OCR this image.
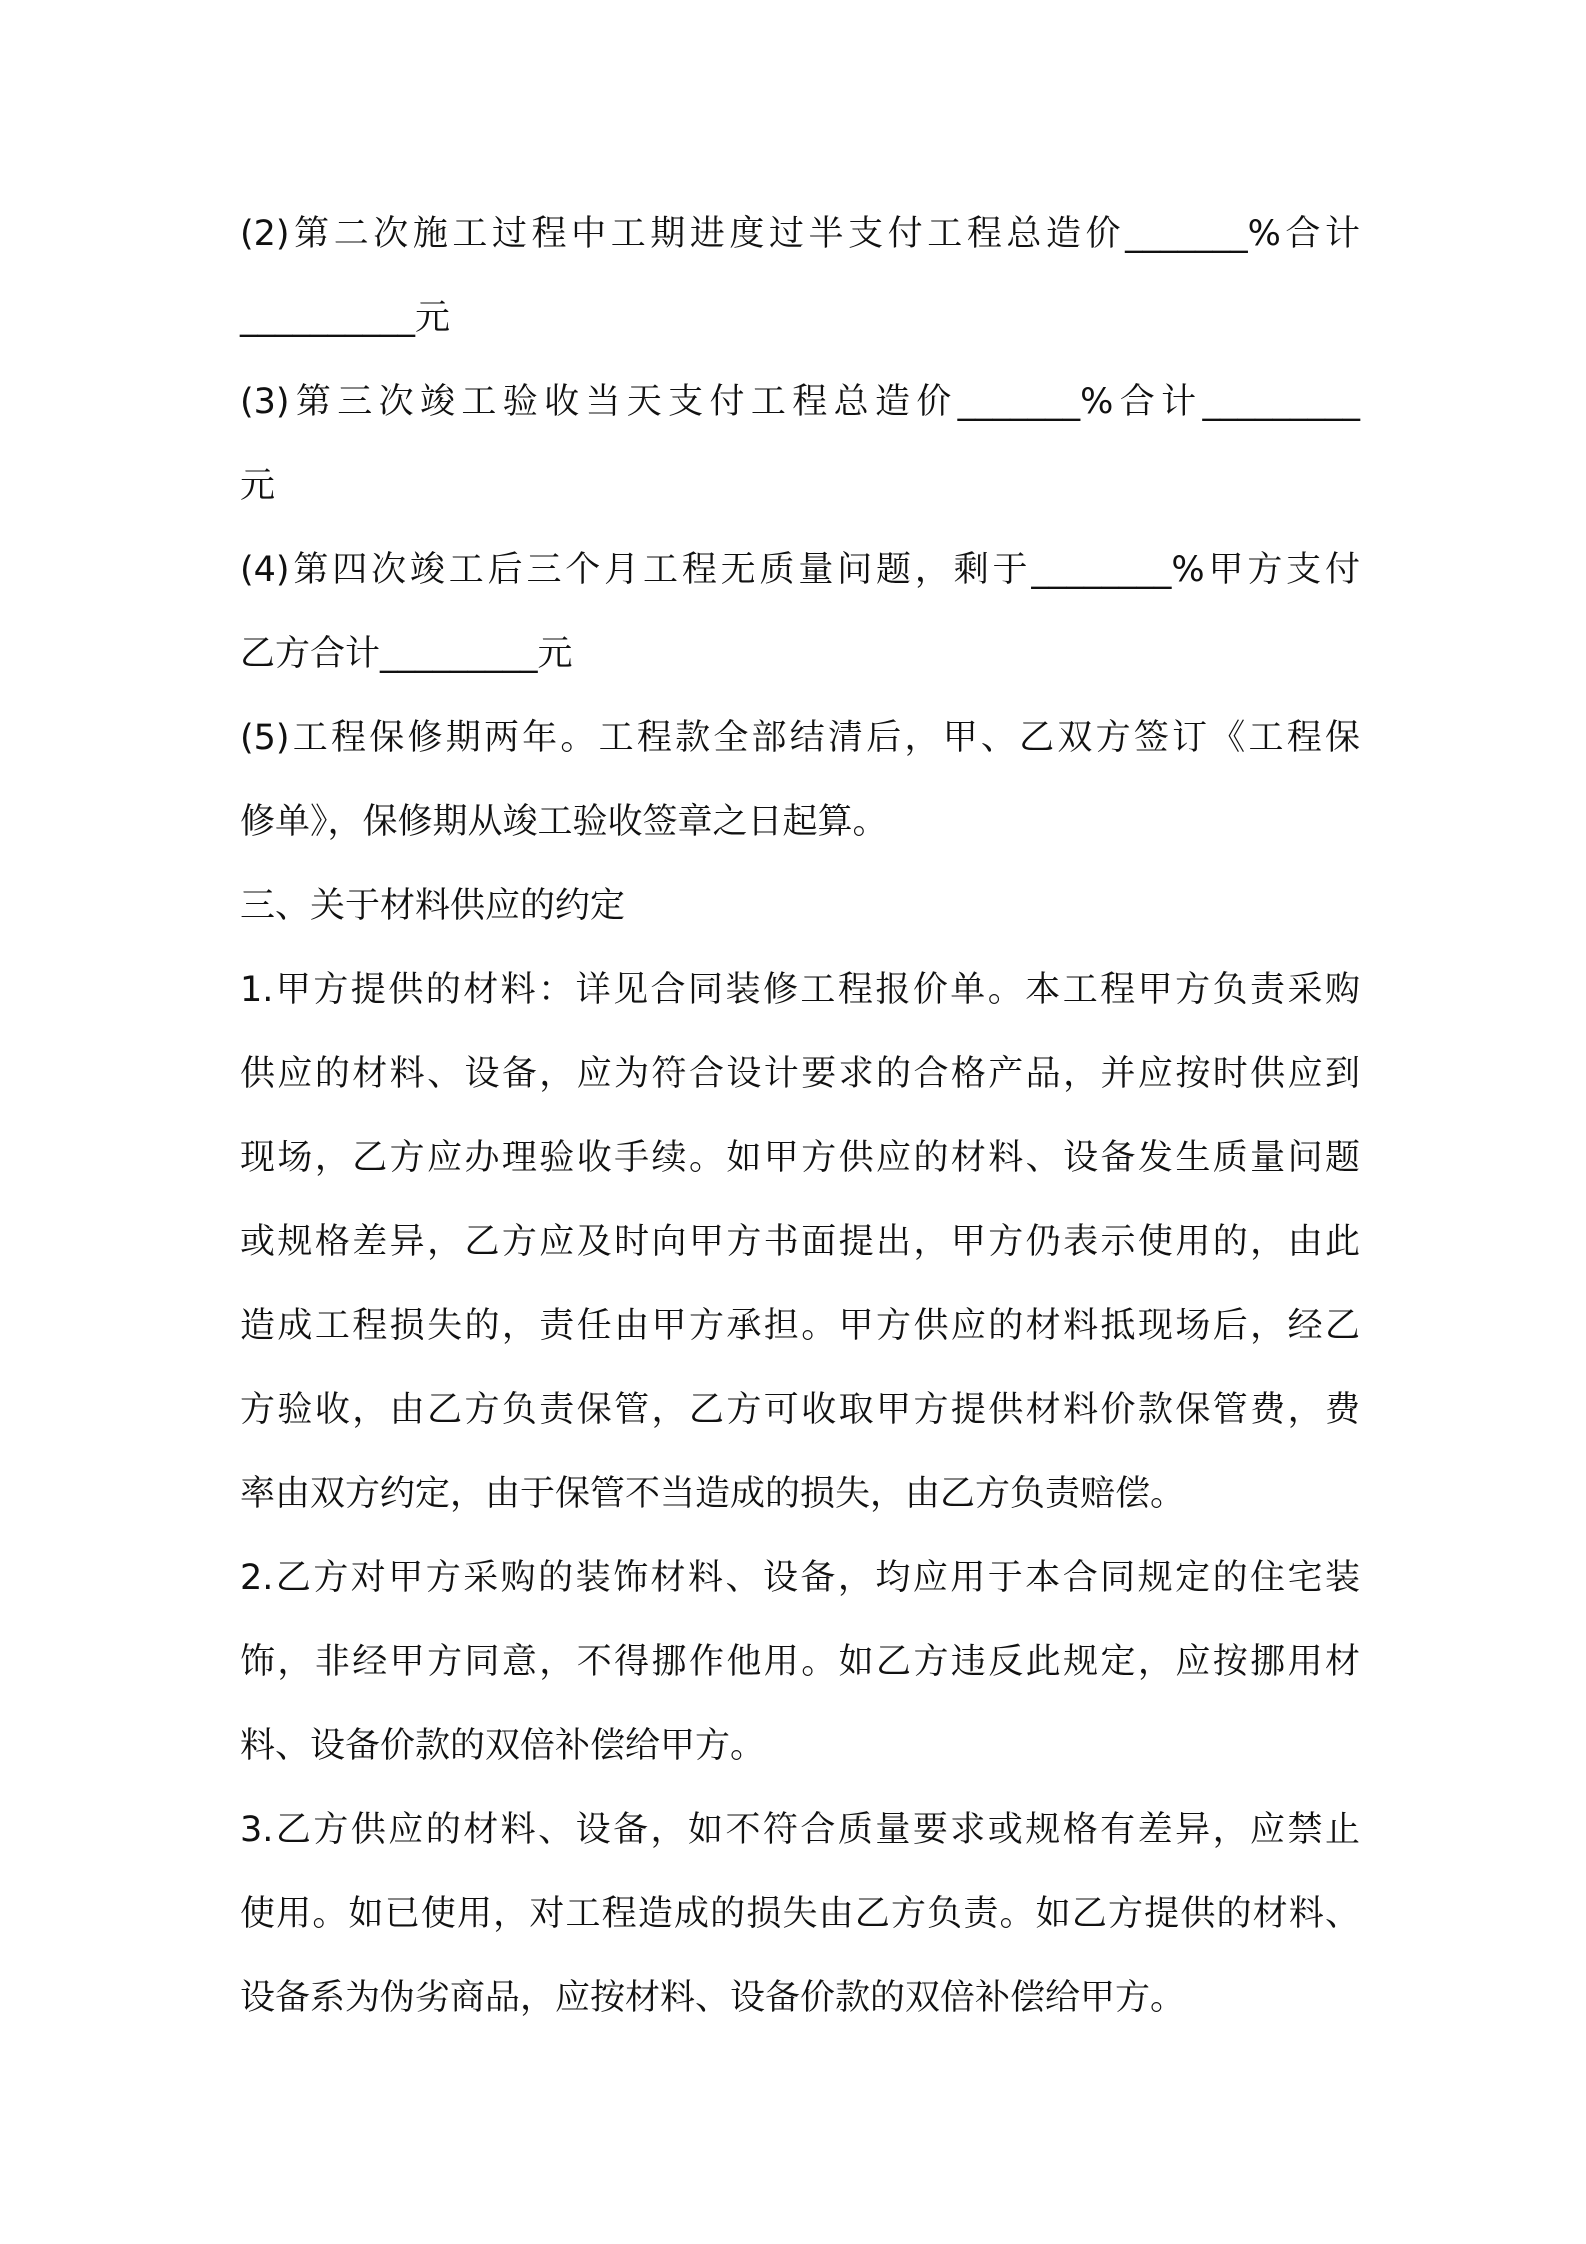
(2)第二次施工过程中工期进度过半支付工程总造价_______%合计
__________元
(3)第三次竣工验收当天支付工程总造价_______%合计_________
元
(4)第四次竣工后三个月工程无质量问题，剩于________%甲方支付
乙方合计_________元
(5)工程保修期两年。工程款全部结清后，甲、乙双方签订《工程保
修单》，保修期从竣工验收签章之日起算。
三、关于材料供应的约定
1.甲方提供的材料：详见合同装修工程报价单。本工程甲方负责采购
供应的材料、设备，应为符合设计要求的合格产品，并应按时供应到
现场，乙方应办理验收手续。如甲方供应的材料、设备发生质量问题
或规格差异，乙方应及时向甲方书面提出，甲方仍表示使用的，由此
造成工程损失的，责任由甲方承担。甲方供应的材料抵现场后，经乙
方验收，由乙方负责保管，乙方可收取甲方提供材料价款保管费，费
率由双方约定，由于保管不当造成的损失，由乙方负责赔偿。
2.乙方对甲方采购的装饰材料、设备，均应用于本合同规定的住宅装
饰，非经甲方同意，不得挪作他用。如乙方违反此规定，应按挪用材
料、设备价款的双倍补偿给甲方。
3.乙方供应的材料、设备，如不符合质量要求或规格有差异，应禁止
使用。如已使用，对工程造成的损失由乙方负责。如乙方提供的材料、
设备系为伪劣商品，应按材料、设备价款的双倍补偿给甲方。
